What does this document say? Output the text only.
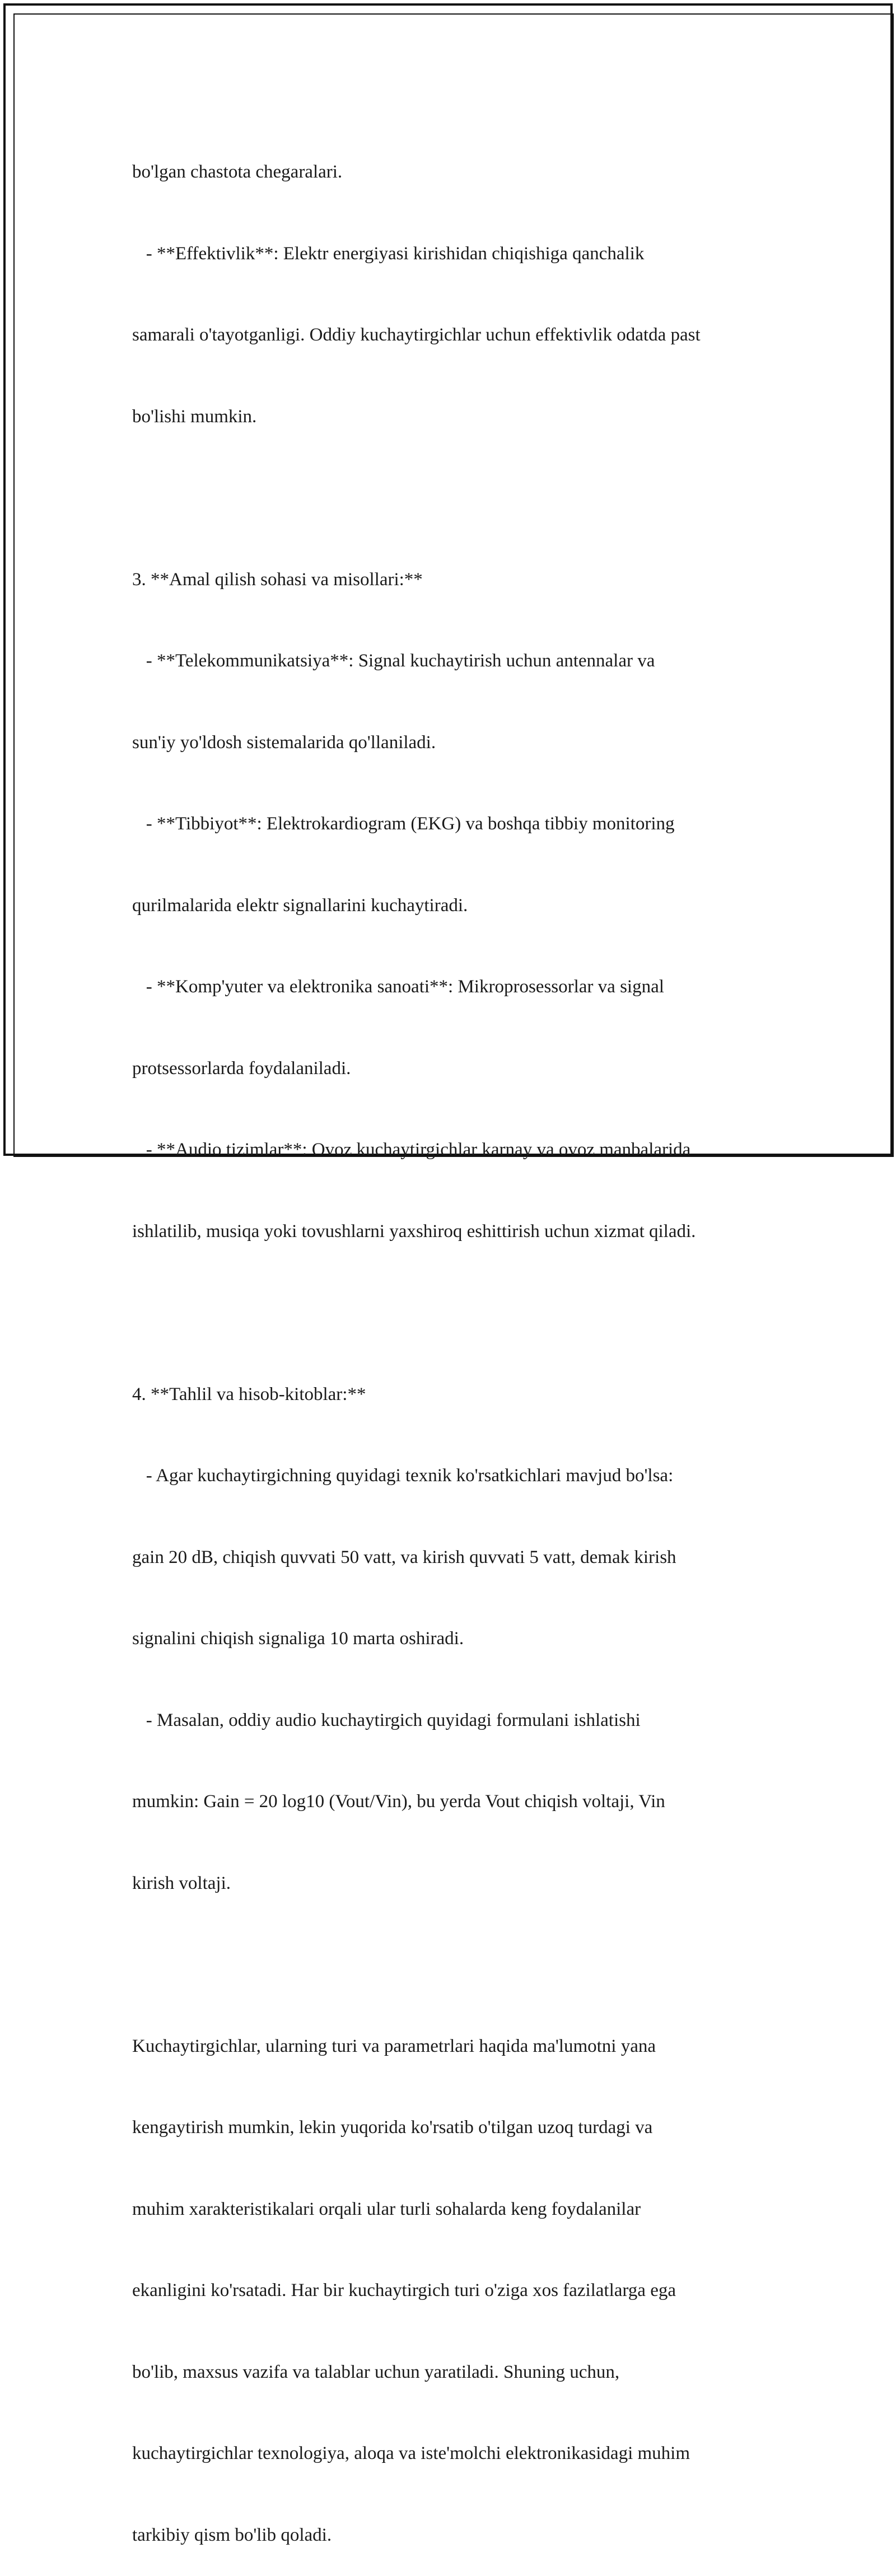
bo'lgan chastota chegaralari.

- **Effektivlik**: Elektr energiyasi kirishidan chiqishiga qanchalik

samarali o'tayotganligi. Oddiy kuchaytirgichlar uchun effektivlik odatda past

bo'lishi mumkin.

3. **Amal qilish sohasi va misollari:**

- **Telekommunikatsiya**: Signal kuchaytirish uchun antennalar va

sun'iy yo'ldosh sistemalarida qo'llaniladi.

- **Tibbiyot**: Elektrokardiogram (EKG) va boshqa tibbiy monitoring

qurilmalarida elektr signallarini kuchaytiradi.

- **Komp'yuter va elektronika sanoati**: Mikroprosessorlar va signal

protsessorlarda foydalaniladi.

- **Audio tizimlar**: Ovoz kuchaytirgichlar karnay va ovoz manbalarida

ishlatilib, musiqa yoki tovushlarni yaxshiroq eshittirish uchun xizmat qiladi.

4. **Tahlil va hisob-kitoblar:**

- Agar kuchaytirgichning quyidagi texnik ko'rsatkichlari mavjud bo'lsa:

gain 20 dB, chiqish quvvati 50 vatt, va kirish quvvati 5 vatt, demak kirish

signalini chiqish signaliga 10 marta oshiradi.

- Masalan, oddiy audio kuchaytirgich quyidagi formulani ishlatishi

mumkin: Gain = 20 log10 (Vout/Vin), bu yerda Vout chiqish voltaji, Vin

kirish voltaji.

Kuchaytirgichlar, ularning turi va parametrlari haqida ma'lumotni yana

kengaytirish mumkin, lekin yuqorida ko'rsatib o'tilgan uzoq turdagi va

muhim xarakteristikalari orqali ular turli sohalarda keng foydalanilar

ekanligini ko'rsatadi. Har bir kuchaytirgich turi o'ziga xos fazilatlarga ega

bo'lib, maxsus vazifa va talablar uchun yaratiladi. Shuning uchun,

kuchaytirgichlar texnologiya, aloqa va iste'molchi elektronikasidagi muhim

tarkibiy qism bo'lib qoladi.
